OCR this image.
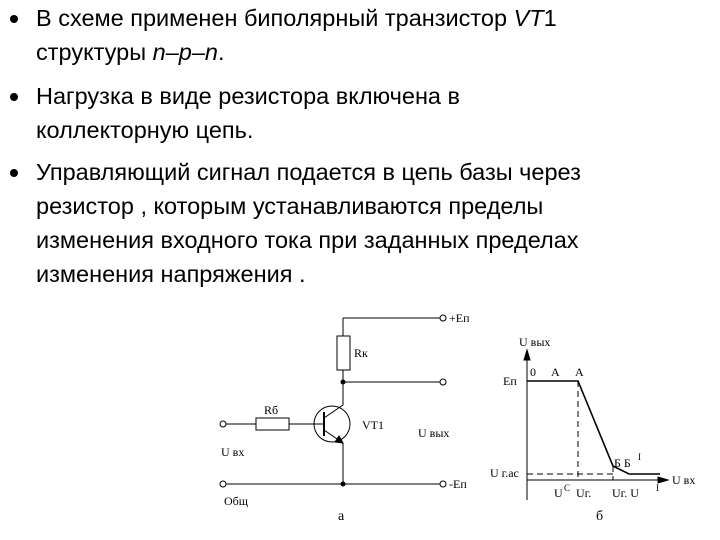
В схеме применен биполярный транзистор VT1
структуры n–p–n.
Нагрузка в виде резистора включена в
коллекторную цепь.
Управляющий сигнал подается в цепь базы через
резистор , которым устанавливаются пределы
изменения входного тока при заданных пределах
изменения напряжения .
+Eп
Rк
Rб
VT1
U вых
U вх
-Eп
Общ
а
U вых
Eп
0 A A
U г.ас
Б Б I
U вх
U C Uг. Uг. U I
б
